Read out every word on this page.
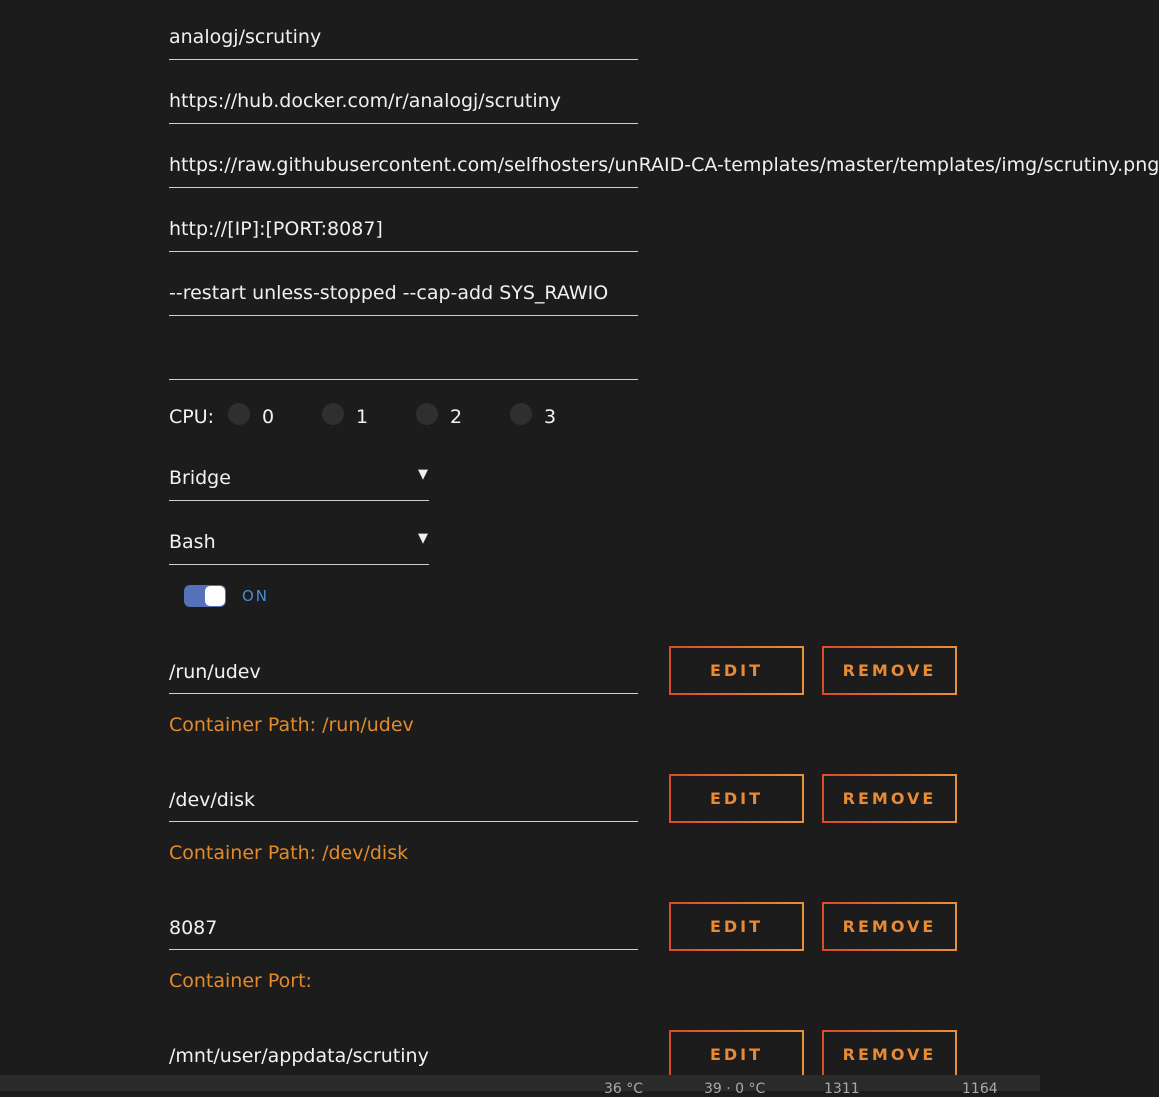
analogj/scrutiny
https://hub.docker.com/r/analogj/scrutiny
https://raw.githubusercontent.com/selfhosters/unRAID-CA-templates/master/templates/img/scrutiny.png
http://[IP]:[PORT:8087]
--restart unless-stopped --cap-add SYS_RAWIO
CPU:	0	1	2	3
Bridge	▼
Bash	▼
ON
/run/udev	EDIT	REMOVE
Container Path: /run/udev
/dev/disk	EDIT	REMOVE
Container Path: /dev/disk
8087	EDIT	REMOVE
Container Port:
/mnt/user/appdata/scrutiny	EDIT	REMOVE
36 °C	39 · 0 °C	1311	1164
